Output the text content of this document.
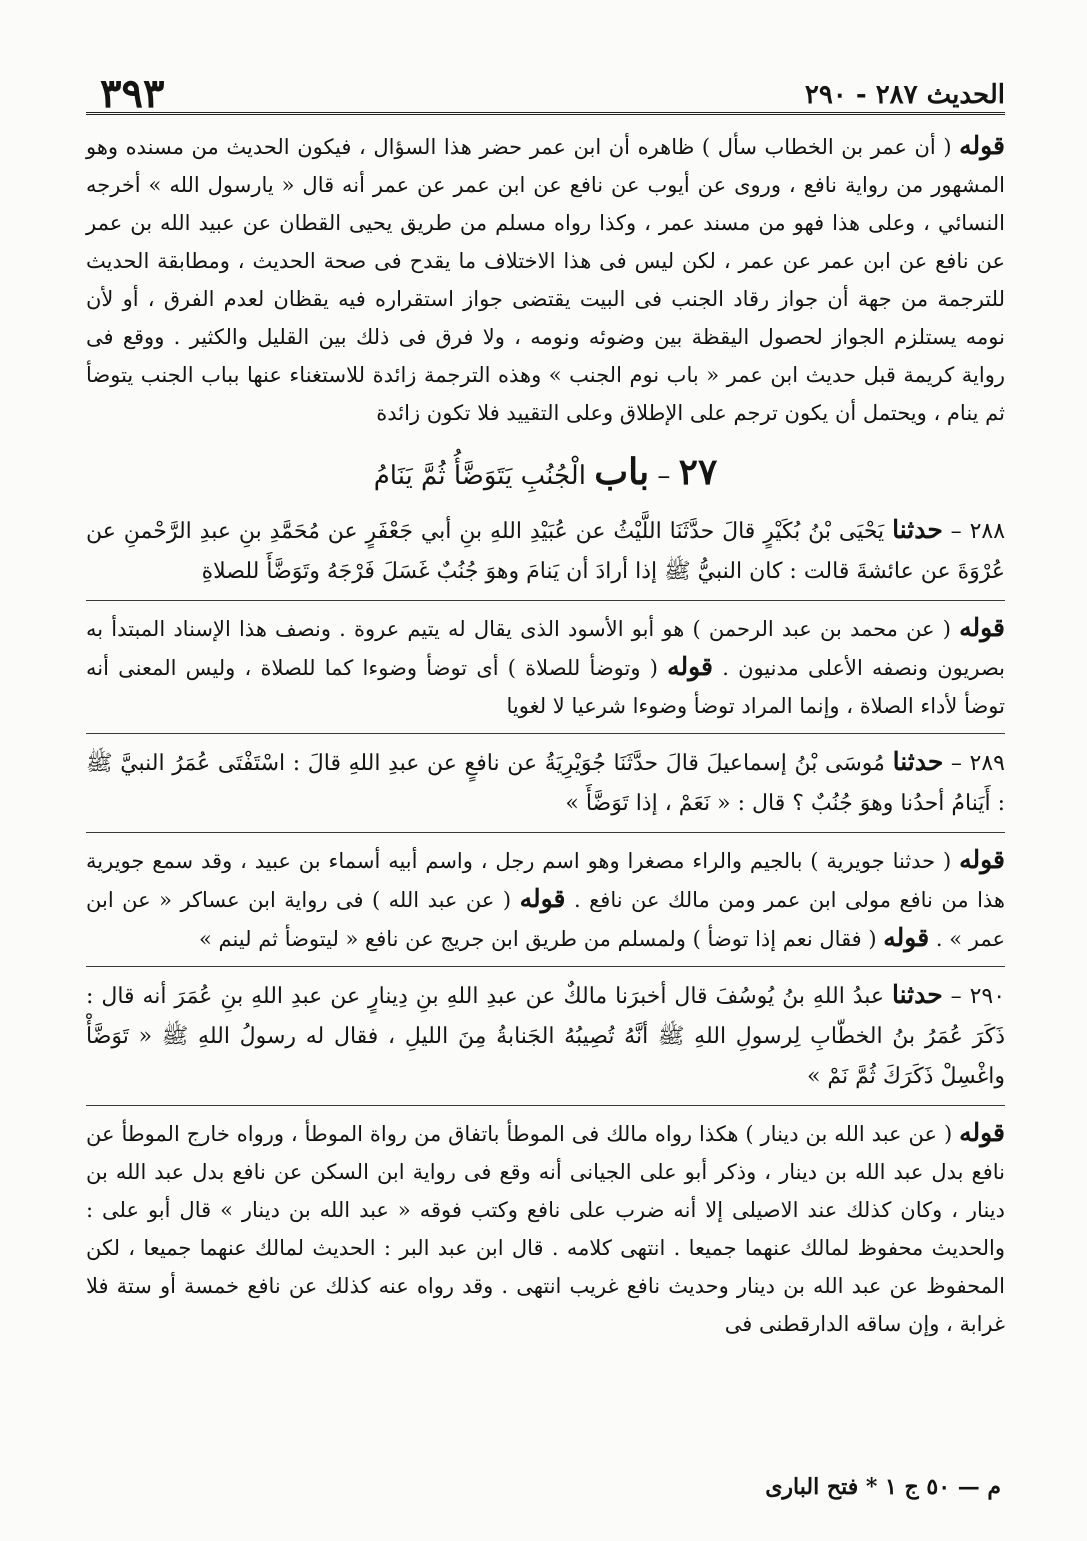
الحديث ٢٨٧ - ٢٩٠
٣٩٣

قوله ( أن عمر بن الخطاب سأل ) ظاهره أن ابن عمر حضر هذا السؤال ، فيكون الحديث من مسنده وهو المشهور من رواية نافع ، وروى عن أيوب عن نافع عن ابن عمر عن عمر أنه قال « يارسول الله » أخرجه النسائي ، وعلى هذا فهو من مسند عمر ، وكذا رواه مسلم من طريق يحيى القطان عن عبيد الله بن عمر عن نافع عن ابن عمر عن عمر ، لكن ليس فى هذا الاختلاف ما يقدح فى صحة الحديث ، ومطابقة الحديث للترجمة من جهة أن جواز رقاد الجنب فى البيت يقتضى جواز استقراره فيه يقظان لعدم الفرق ، أو لأن نومه يستلزم الجواز لحصول اليقظة بين وضوئه ونومه ، ولا فرق فى ذلك بين القليل والكثير . ووقع فى رواية كريمة قبل حديث ابن عمر « باب نوم الجنب » وهذه الترجمة زائدة للاستغناء عنها بباب الجنب يتوضأ ثم ينام ، ويحتمل أن يكون ترجم على الإطلاق وعلى التقييد فلا تكون زائدة

٢٧ – باب الْجُنُبِ يَتَوَضَّأُ ثُمَّ يَنَامُ

٢٨٨ – حدثنا يَحْيَى بْنُ بُكَيْرٍ قالَ حدَّثَنَا اللَّيْثُ عن عُبَيْدِ اللهِ بنِ أبي جَعْفَرٍ عن مُحَمَّدِ بنِ عبدِ الرَّحْمنِ عن عُرْوَةَ عن عائشةَ قالت : كان النبيُّ ﷺ إذا أرادَ أن يَنامَ وهوَ جُنُبٌ غَسَلَ فَرْجَهُ وتَوَضَّأَ للصلاةِ

قوله ( عن محمد بن عبد الرحمن ) هو أبو الأسود الذى يقال له يتيم عروة . ونصف هذا الإسناد المبتدأ به بصريون ونصفه الأعلى مدنيون . قوله ( وتوضأ للصلاة ) أى توضأ وضوءا كما للصلاة ، وليس المعنى أنه توضأ لأداء الصلاة ، وإنما المراد توضأ وضوءا شرعيا لا لغويا

٢٨٩ – حدثنا مُوسَى بْنُ إسماعيلَ قالَ حدَّثَنَا جُوَيْرِيَةُ عن نافعٍ عن عبدِ اللهِ قالَ : اسْتَفْتَى عُمَرُ النبيَّ ﷺ : أَيَنامُ أحدُنا وهوَ جُنُبٌ ؟ قال : « نَعَمْ ، إذا تَوَضَّأَ »

قوله ( حدثنا جويرية ) بالجيم والراء مصغرا وهو اسم رجل ، واسم أبيه أسماء بن عبيد ، وقد سمع جويرية هذا من نافع مولى ابن عمر ومن مالك عن نافع . قوله ( عن عبد الله ) فى رواية ابن عساكر « عن ابن عمر » . قوله ( فقال نعم إذا توضأ ) ولمسلم من طريق ابن جريج عن نافع « ليتوضأ ثم لينم »

٢٩٠ – حدثنا عبدُ اللهِ بنُ يُوسُفَ قال أخبرَنا مالكٌ عن عبدِ اللهِ بنِ دِينارٍ عن عبدِ اللهِ بنِ عُمَرَ أنه قال : ذَكَرَ عُمَرُ بنُ الخطّابِ لِرسولِ اللهِ ﷺ أنَّهُ تُصِيبُهُ الجَنابةُ مِنَ الليلِ ، فقال له رسولُ اللهِ ﷺ « تَوَضَّأْ واغْسِلْ ذَكَرَكَ ثُمَّ نَمْ »

قوله ( عن عبد الله بن دينار ) هكذا رواه مالك فى الموطأ باتفاق من رواة الموطأ ، ورواه خارج الموطأ عن نافع بدل عبد الله بن دينار ، وذكر أبو على الجيانى أنه وقع فى رواية ابن السكن عن نافع بدل عبد الله بن دينار ، وكان كذلك عند الاصيلى إلا أنه ضرب على نافع وكتب فوقه « عبد الله بن دينار » قال أبو على : والحديث محفوظ لمالك عنهما جميعا . انتهى كلامه . قال ابن عبد البر : الحديث لمالك عنهما جميعا ، لكن المحفوظ عن عبد الله بن دينار وحديث نافع غريب انتهى . وقد رواه عنه كذلك عن نافع خمسة أو ستة فلا غرابة ، وإن ساقه الدارقطنى فى

م — ٥٠ ج ١ * فتح البارى
